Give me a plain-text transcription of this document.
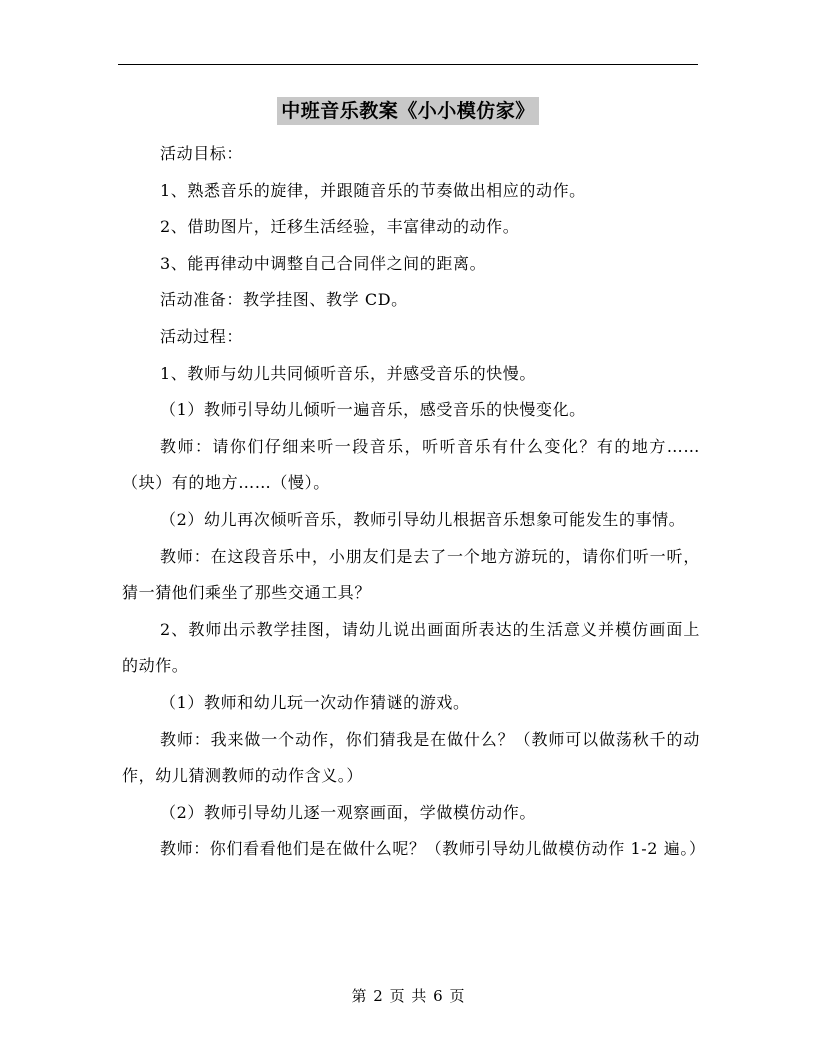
中班音乐教案《小小模仿家》

活动目标：

1、熟悉音乐的旋律，并跟随音乐的节奏做出相应的动作。

2、借助图片，迁移生活经验，丰富律动的动作。

3、能再律动中调整自己合同伴之间的距离。

活动准备：教学挂图、教学 CD。

活动过程：

1、教师与幼儿共同倾听音乐，并感受音乐的快慢。

（1）教师引导幼儿倾听一遍音乐，感受音乐的快慢变化。

教师：请你们仔细来听一段音乐，听听音乐有什么变化？有的地方……（块）有的地方……（慢）。

（2）幼儿再次倾听音乐，教师引导幼儿根据音乐想象可能发生的事情。

教师：在这段音乐中，小朋友们是去了一个地方游玩的，请你们听一听，猜一猜他们乘坐了那些交通工具？

2、教师出示教学挂图，请幼儿说出画面所表达的生活意义并模仿画面上的动作。

（1）教师和幼儿玩一次动作猜谜的游戏。

教师：我来做一个动作，你们猜我是在做什么？（教师可以做荡秋千的动作，幼儿猜测教师的动作含义。）

（2）教师引导幼儿逐一观察画面，学做模仿动作。

教师：你们看看他们是在做什么呢？（教师引导幼儿做模仿动作 1-2 遍。）

第 2 页 共 6 页
